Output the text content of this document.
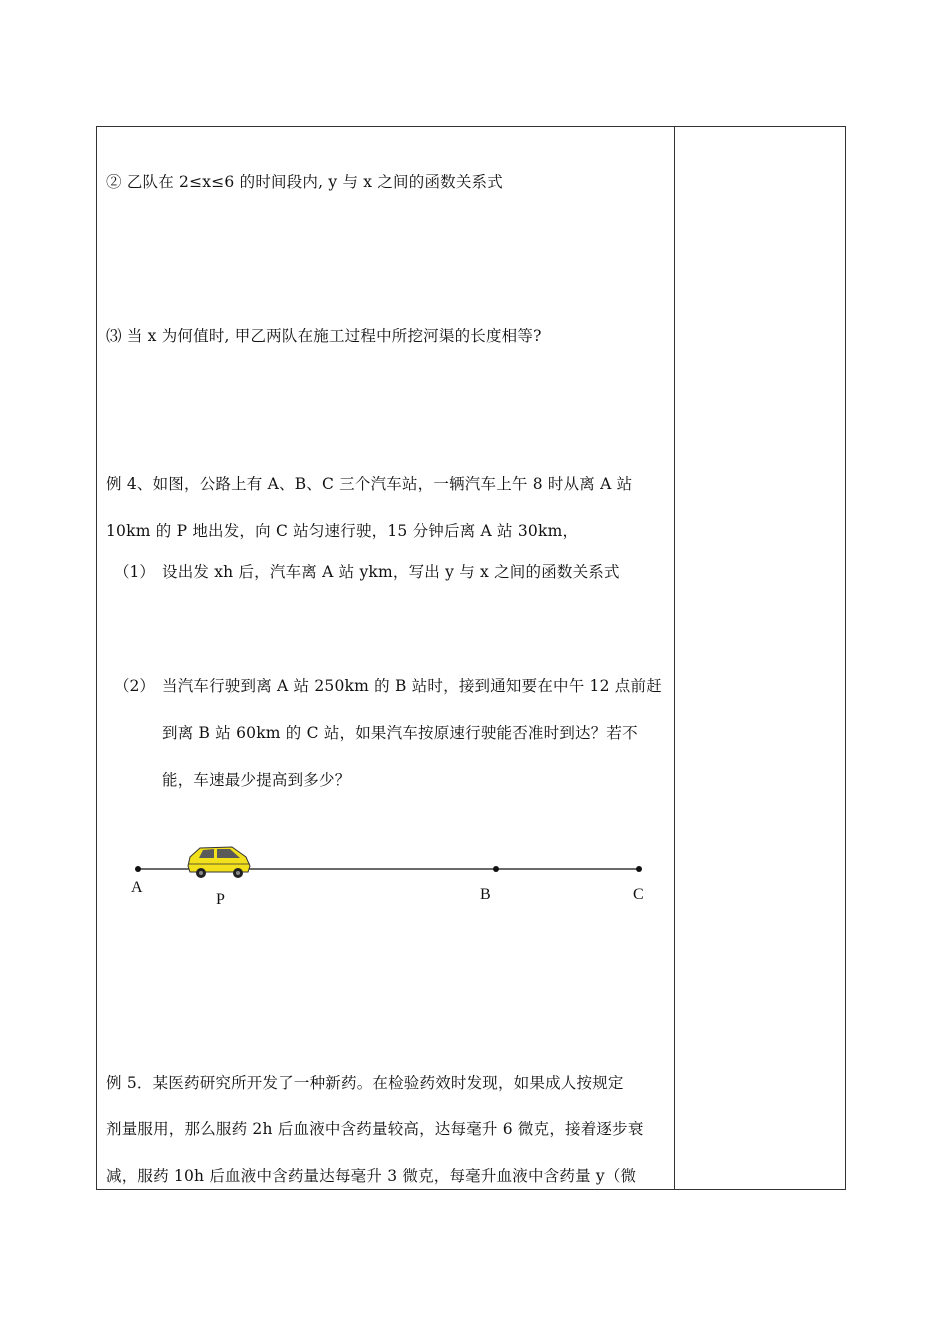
② 乙队在 2≤x≤6 的时间段内, y 与 x 之间的函数关系式
⑶ 当 x 为何值时, 甲乙两队在施工过程中所挖河渠的长度相等?
例 4、如图，公路上有 A、B、C 三个汽车站，一辆汽车上午 8 时从离 A 站
10km 的 P 地出发，向 C 站匀速行驶，15 分钟后离 A 站 30km，
（1） 设出发 xh 后，汽车离 A 站 ykm，写出 y 与 x 之间的函数关系式
（2） 当汽车行驶到离 A 站 250km 的 B 站时，接到通知要在中午 12 点前赶
到离 B 站 60km 的 C 站，如果汽车按原速行驶能否准时到达？若不
能，车速最少提高到多少？
A
P	B	C
例 5．某医药研究所开发了一种新药。在检验药效时发现，如果成人按规定
剂量服用，那么服药 2h 后血液中含药量较高，达每毫升 6 微克，接着逐步衰
减，服药 10h 后血液中含药量达每毫升 3 微克，每毫升血液中含药量 y（微
